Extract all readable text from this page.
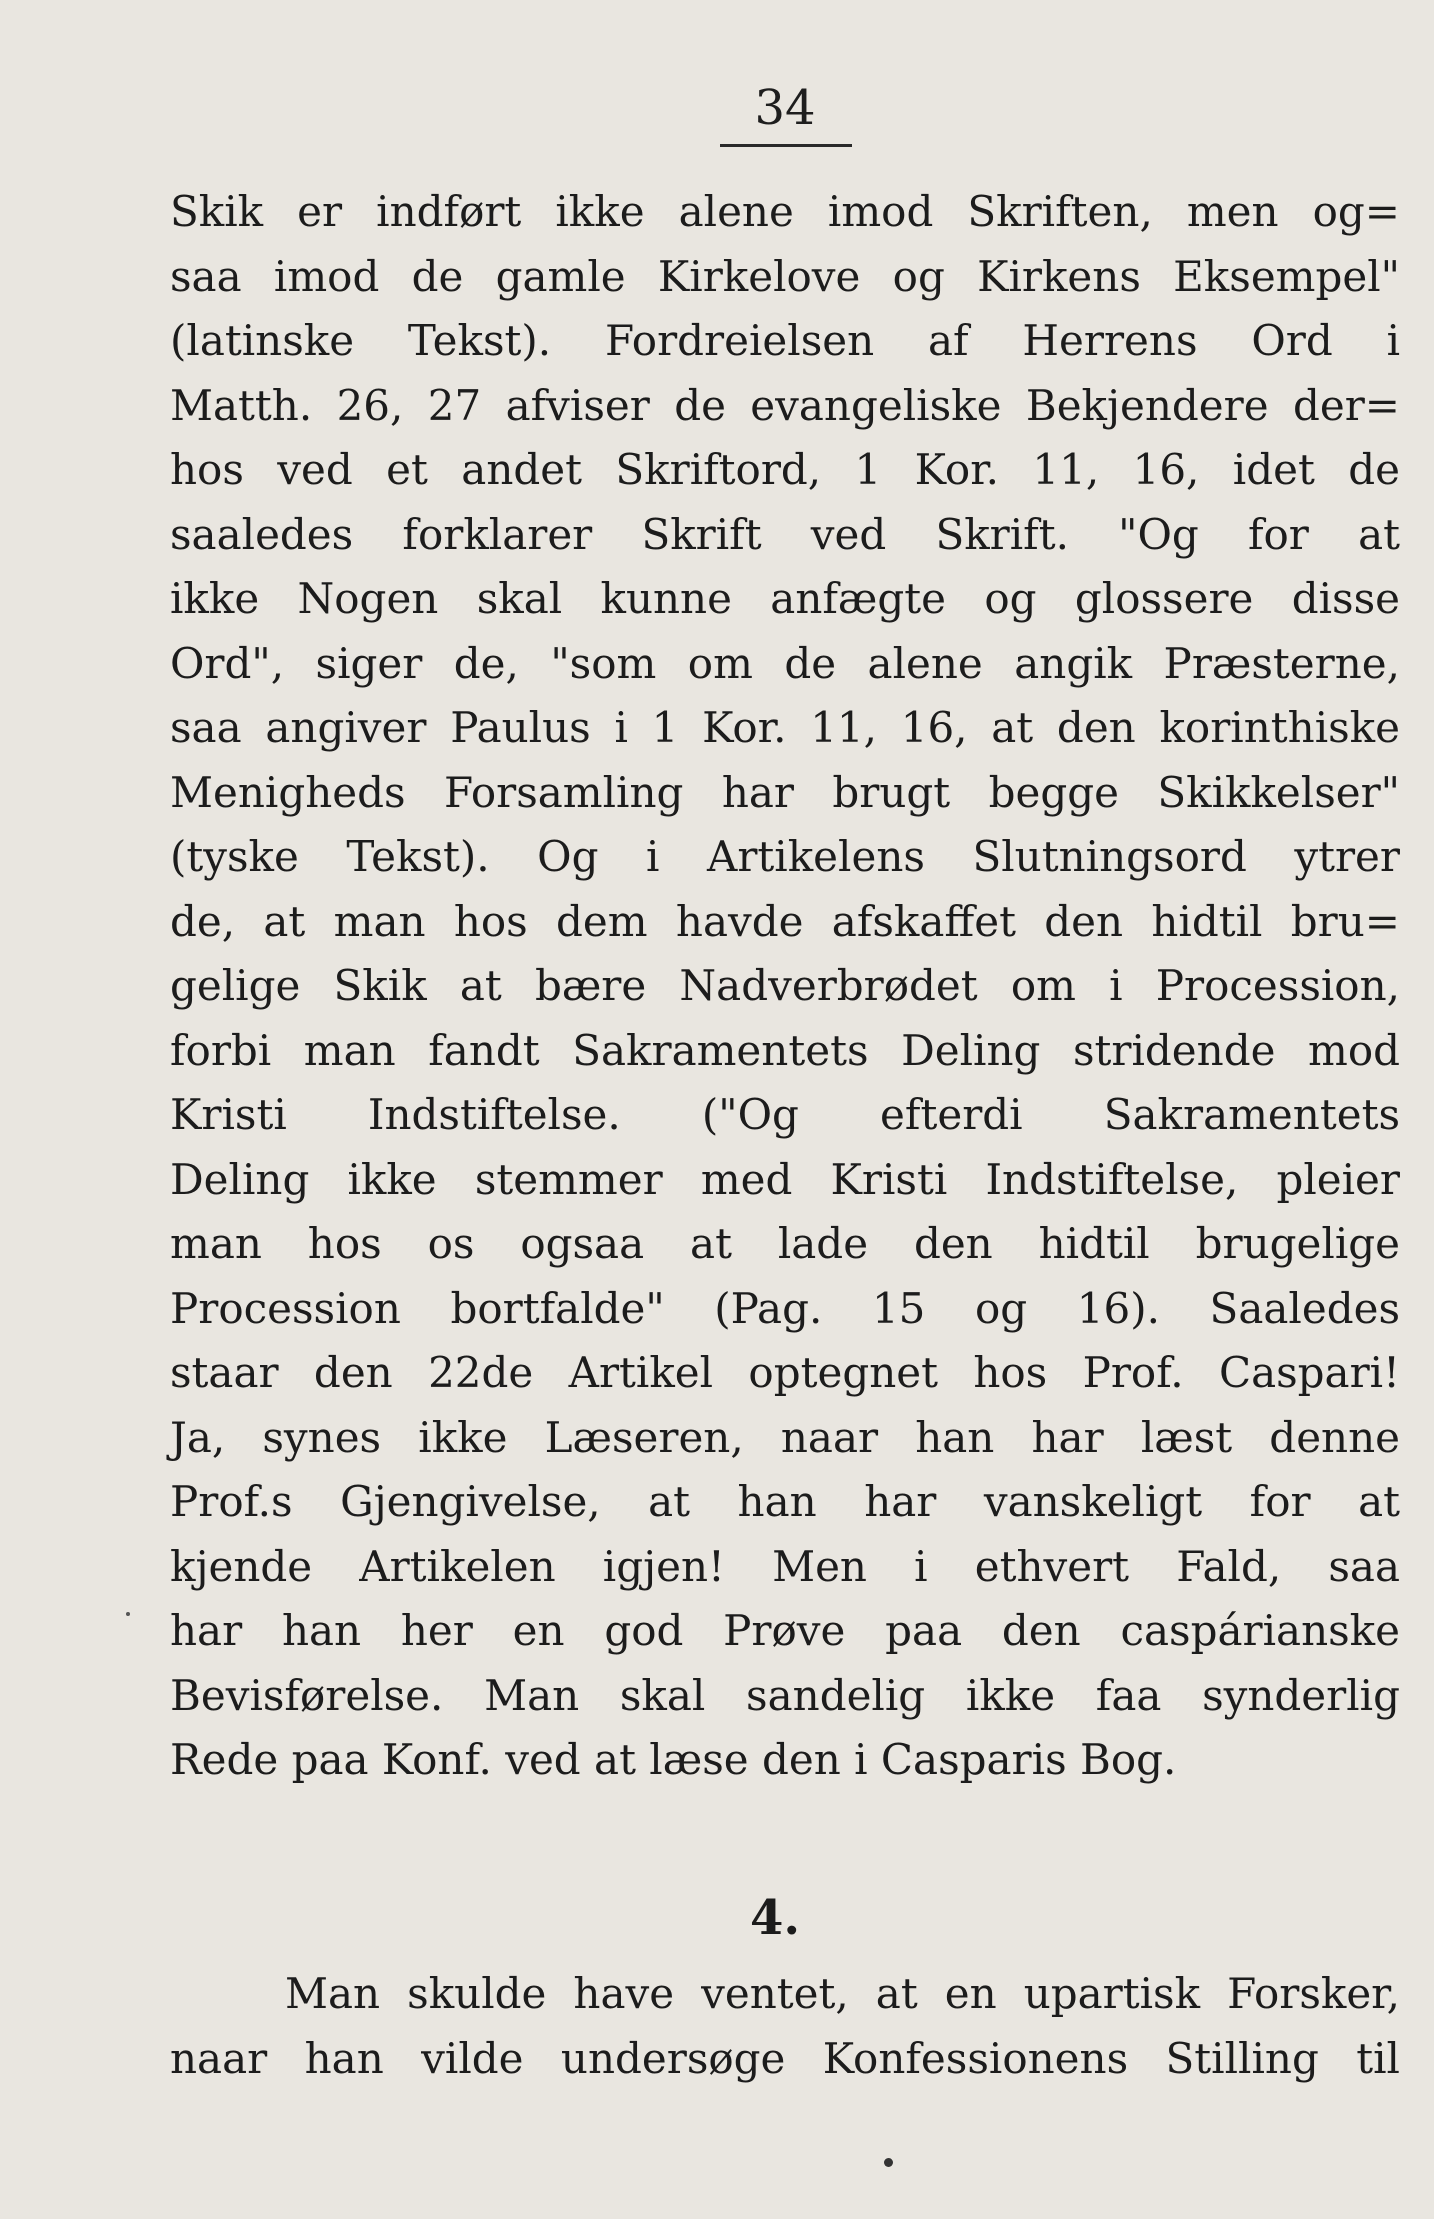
34
Skik er indført ikke alene imod Skriften, men og=
saa imod de gamle Kirkelove og Kirkens Eksempel"
(latinske Tekst). Fordreielsen af Herrens Ord i
Matth. 26, 27 afviser de evangeliske Bekjendere der=
hos ved et andet Skriftord, 1 Kor. 11, 16, idet de
saaledes forklarer Skrift ved Skrift. "Og for at
ikke Nogen skal kunne anfægte og glossere disse
Ord", siger de, "som om de alene angik Præsterne,
saa angiver Paulus i 1 Kor. 11, 16, at den korinthiske
Menigheds Forsamling har brugt begge Skikkelser"
(tyske Tekst). Og i Artikelens Slutningsord ytrer
de, at man hos dem havde afskaffet den hidtil bru=
gelige Skik at bære Nadverbrødet om i Procession,
forbi man fandt Sakramentets Deling stridende mod
Kristi Indstiftelse. ("Og efterdi Sakramentets
Deling ikke stemmer med Kristi Indstiftelse, pleier
man hos os ogsaa at lade den hidtil brugelige
Procession bortfalde" (Pag. 15 og 16). Saaledes
staar den 22de Artikel optegnet hos Prof. Caspari!
Ja, synes ikke Læseren, naar han har læst denne
Prof.s Gjengivelse, at han har vanskeligt for at
kjende Artikelen igjen! Men i ethvert Fald, saa
har han her en god Prøve paa den caspárianske
Bevisførelse. Man skal sandelig ikke faa synderlig
Rede paa Konf. ved at læse den i Casparis Bog.
4.
Man skulde have ventet, at en upartisk Forsker,
naar han vilde undersøge Konfessionens Stilling til
